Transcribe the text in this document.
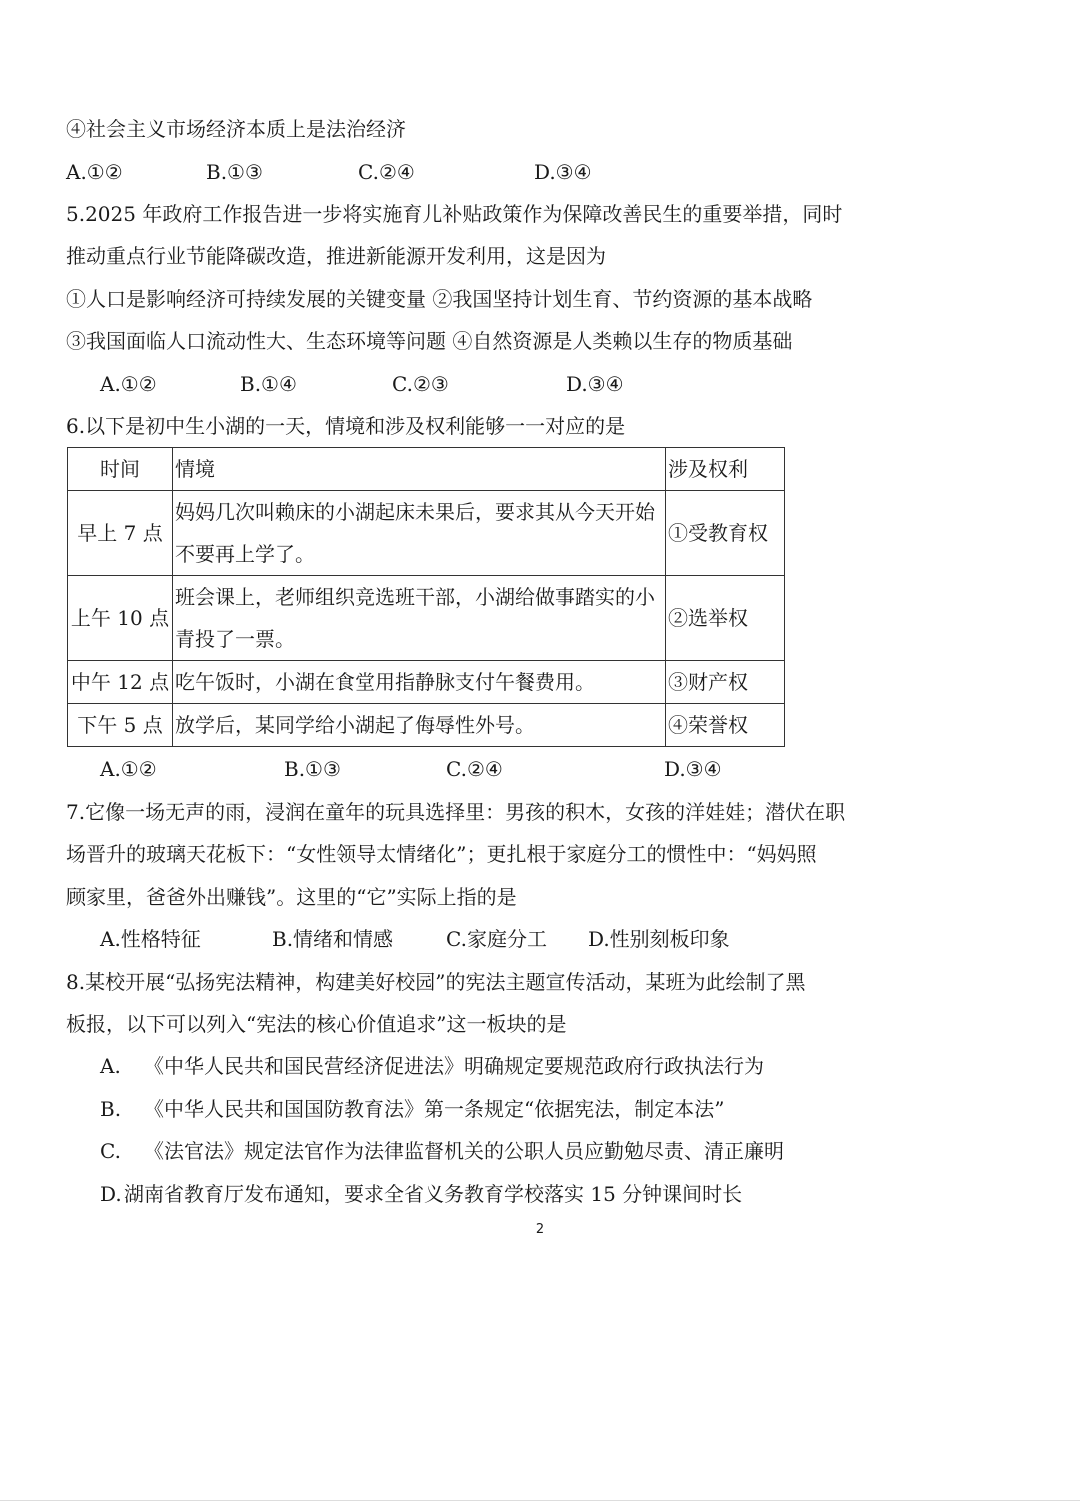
④社会主义市场经济本质上是法治经济
A.①②	B.①③	C.②④	D.③④
5.2025 年政府工作报告进一步将实施育儿补贴政策作为保障改善民生的重要举措，同时
推动重点行业节能降碳改造，推进新能源开发利用，这是因为
①人口是影响经济可持续发展的关键变量 ②我国坚持计划生育、节约资源的基本战略
③我国面临人口流动性大、生态环境等问题 ④自然资源是人类赖以生存的物质基础
A.①②	B.①④	C.②③	D.③④
6.以下是初中生小湖的一天，情境和涉及权利能够一一对应的是
时间	情境	涉及权利
早上 7 点	妈妈几次叫赖床的小湖起床未果后，要求其从今天开始不要再上学了。	①受教育权
上午 10 点	班会课上，老师组织竞选班干部，小湖给做事踏实的小青投了一票。	②选举权
中午 12 点	吃午饭时，小湖在食堂用指静脉支付午餐费用。	③财产权
下午 5 点	放学后，某同学给小湖起了侮辱性外号。	④荣誉权
A.①②	B.①③	C.②④	D.③④
7.它像一场无声的雨，浸润在童年的玩具选择里：男孩的积木，女孩的洋娃娃；潜伏在职
场晋升的玻璃天花板下：“女性领导太情绪化”；更扎根于家庭分工的惯性中：“妈妈照
顾家里，爸爸外出赚钱”。这里的“它”实际上指的是
A.性格特征	B.情绪和情感	C.家庭分工 D.性别刻板印象
8.某校开展“弘扬宪法精神，构建美好校园”的宪法主题宣传活动，某班为此绘制了黑
板报，以下可以列入“宪法的核心价值追求”这一板块的是
A. 《中华人民共和国民营经济促进法》明确规定要规范政府行政执法行为
B. 《中华人民共和国国防教育法》第一条规定“依据宪法，制定本法”
C. 《法官法》规定法官作为法律监督机关的公职人员应勤勉尽责、清正廉明
D. 湖南省教育厅发布通知，要求全省义务教育学校落实 15 分钟课间时长
2
